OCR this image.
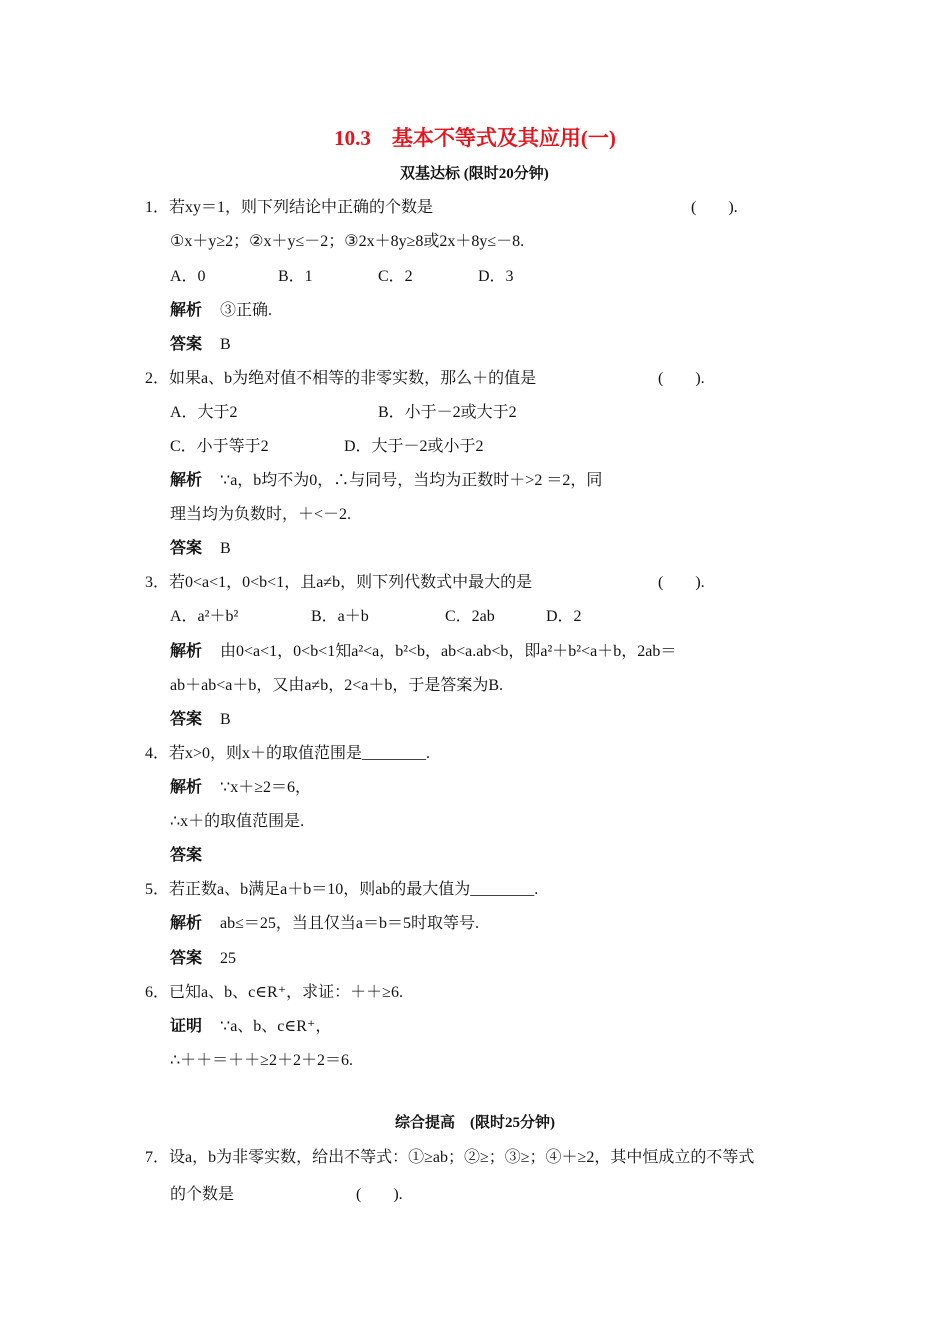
10.3　基本不等式及其应用(一)
双基达标 (限时20分钟)
1．若xy＝1，则下列结论中正确的个数是	(　　).
①x＋y≥2；②x＋y≤－2；③2x＋8y≥8或2x＋8y≤－8.
A．0	B．1	C．2	D．3
解析 ③正确.
答案 B
2．如果a、b为绝对值不相等的非零实数，那么＋的值是	(　　).
A．大于2	B．小于－2或大于2
C．小于等于2	D．大于－2或小于2
解析 ∵a，b均不为0，∴与同号，当均为正数时＋>2 ＝2，同
理当均为负数时，＋<－2.
答案 B
3．若0<a<1，0<b<1，且a≠b，则下列代数式中最大的是	(　　).
A．a²＋b²	B．a＋b	C．2ab	D．2
解析 由0<a<1，0<b<1知a²<a，b²<b，ab<a.ab<b，即a²＋b²<a＋b，2ab＝
ab＋ab<a＋b，又由a≠b，2<a＋b，于是答案为B.
答案 B
4．若x>0，则x＋的取值范围是________.
解析 ∵x＋≥2＝6，
∴x＋的取值范围是.
答案
5．若正数a、b满足a＋b＝10，则ab的最大值为________.
解析 ab≤＝25，当且仅当a＝b＝5时取等号.
答案 25
6．已知a、b、c∈R⁺，求证：＋＋≥6.
证明 ∵a、b、c∈R⁺，
∴＋＋＝＋＋≥2＋2＋2＝6.
综合提高　(限时25分钟)
7．设a，b为非零实数，给出不等式：①≥ab；②≥；③≥；④＋≥2，其中恒成立的不等式
的个数是	(　　).
